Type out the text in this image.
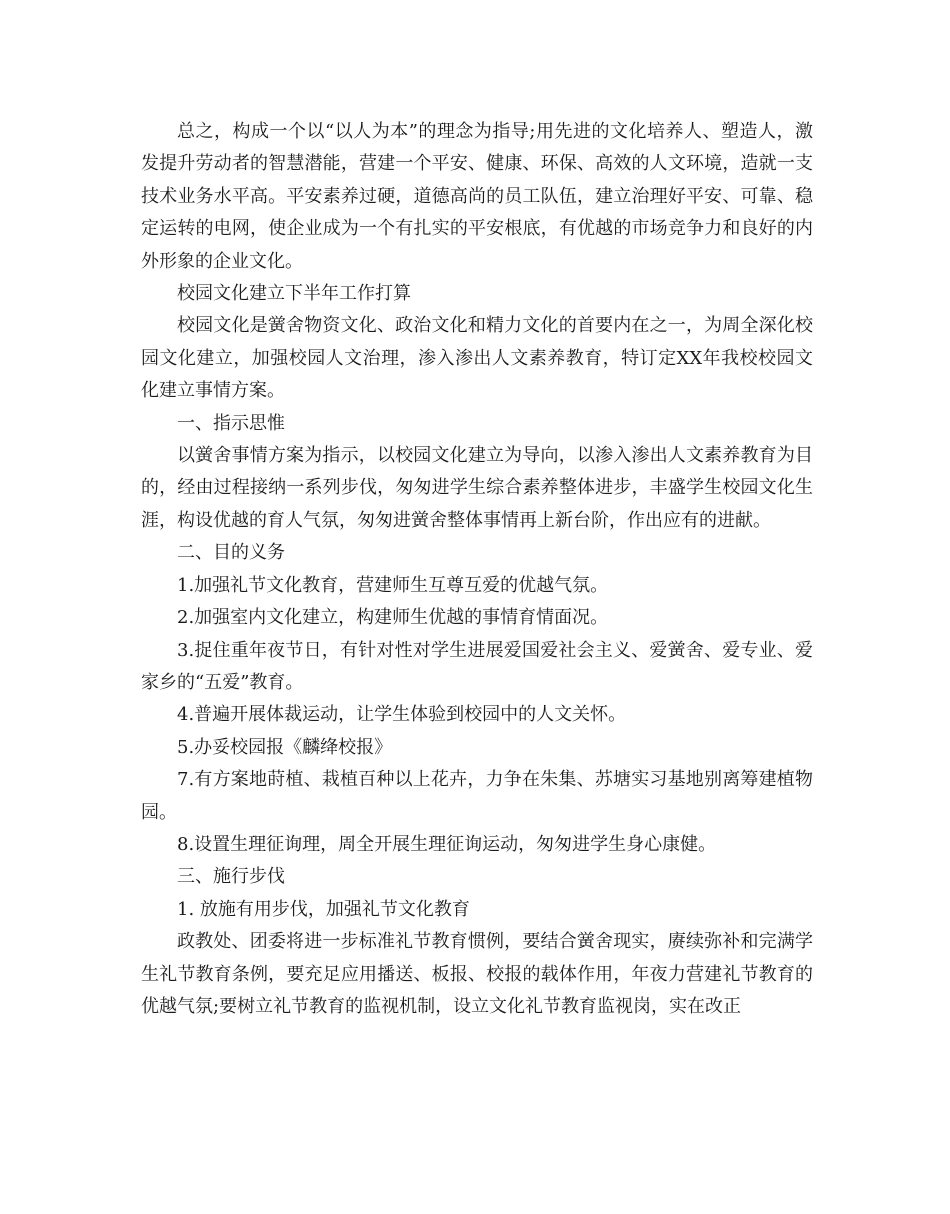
总之，构成一个以“以人为本”的理念为指导;用先进的文化培养人、塑造人，激发提升劳动者的智慧潜能，营建一个平安、健康、环保、高效的人文环境，造就一支技术业务水平高。平安素养过硬，道德高尚的员工队伍，建立治理好平安、可靠、稳定运转的电网，使企业成为一个有扎实的平安根底，有优越的市场竞争力和良好的内外形象的企业文化。

校园文化建立下半年工作打算

校园文化是黉舍物资文化、政治文化和精力文化的首要内在之一，为周全深化校园文化建立，加强校园人文治理，渗入渗出人文素养教育，特订定XX年我校校园文化建立事情方案。

一、指示思惟

以黉舍事情方案为指示，以校园文化建立为导向，以渗入渗出人文素养教育为目的，经由过程接纳一系列步伐，匆匆进学生综合素养整体进步，丰盛学生校园文化生涯，构设优越的育人气氛，匆匆进黉舍整体事情再上新台阶，作出应有的进献。

二、目的义务

1.加强礼节文化教育，营建师生互尊互爱的优越气氛。

2.加强室内文化建立，构建师生优越的事情育情面况。

3.捉住重年夜节日，有针对性对学生进展爱国爱社会主义、爱黉舍、爱专业、爱家乡的“五爱”教育。

4.普遍开展体裁运动，让学生体验到校园中的人文关怀。

5.办妥校园报《麟绛校报》

7.有方案地莳植、栽植百种以上花卉，力争在朱集、苏塘实习基地别离筹建植物园。

8.设置生理征询理，周全开展生理征询运动，匆匆进学生身心康健。

三、施行步伐

1. 放施有用步伐，加强礼节文化教育

政教处、团委将进一步标准礼节教育惯例，要结合黉舍现实，赓续弥补和完满学生礼节教育条例，要充足应用播送、板报、校报的载体作用，年夜力营建礼节教育的优越气氛;要树立礼节教育的监视机制，设立文化礼节教育监视岗，实在改正
